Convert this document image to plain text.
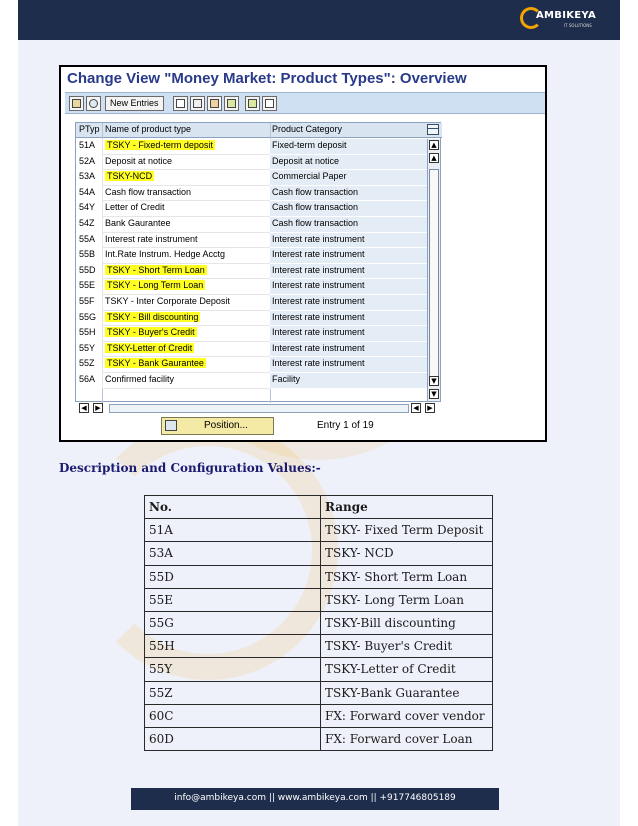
AMBIKEYA
IT SOLUTIONS
Change View "Money Market: Product Types": Overview
New Entries
PTyp Name of product type	Product Category
51A TSKY - Fixed-term deposit	Fixed-term deposit
52A Deposit at notice	Deposit at notice
53A TSKY-NCD	Commercial Paper
54A Cash flow transaction	Cash flow transaction
54Y Letter of Credit	Cash flow transaction
54Z Bank Gaurantee	Cash flow transaction
55A Interest rate instrument	Interest rate instrument
55B Int.Rate Instrum. Hedge Acctg	Interest rate instrument
55D TSKY - Short Term Loan	Interest rate instrument
55E TSKY - Long Term Loan	Interest rate instrument
55F TSKY - Inter Corporate Deposit	Interest rate instrument
55G TSKY - Bill discounting	Interest rate instrument
55H TSKY - Buyer's Credit	Interest rate instrument
55Y TSKY-Letter of Credit	Interest rate instrument
55Z TSKY - Bank Gaurantee	Interest rate instrument
56A Confirmed facility	Facility
▲
▲
▼
▼
◀	▶	◀	▶
Position...	Entry 1 of 19
Description and Configuration Values:-
No.	Range
51A	TSKY- Fixed Term Deposit
53A	TSKY- NCD
55D	TSKY- Short Term Loan
55E	TSKY- Long Term Loan
55G	TSKY-Bill discounting
55H	TSKY- Buyer's Credit
55Y	TSKY-Letter of Credit
55Z	TSKY-Bank Guarantee
60C	FX: Forward cover vendor
60D	FX: Forward cover Loan
info@ambikeya.com || www.ambikeya.com || +917746805189
